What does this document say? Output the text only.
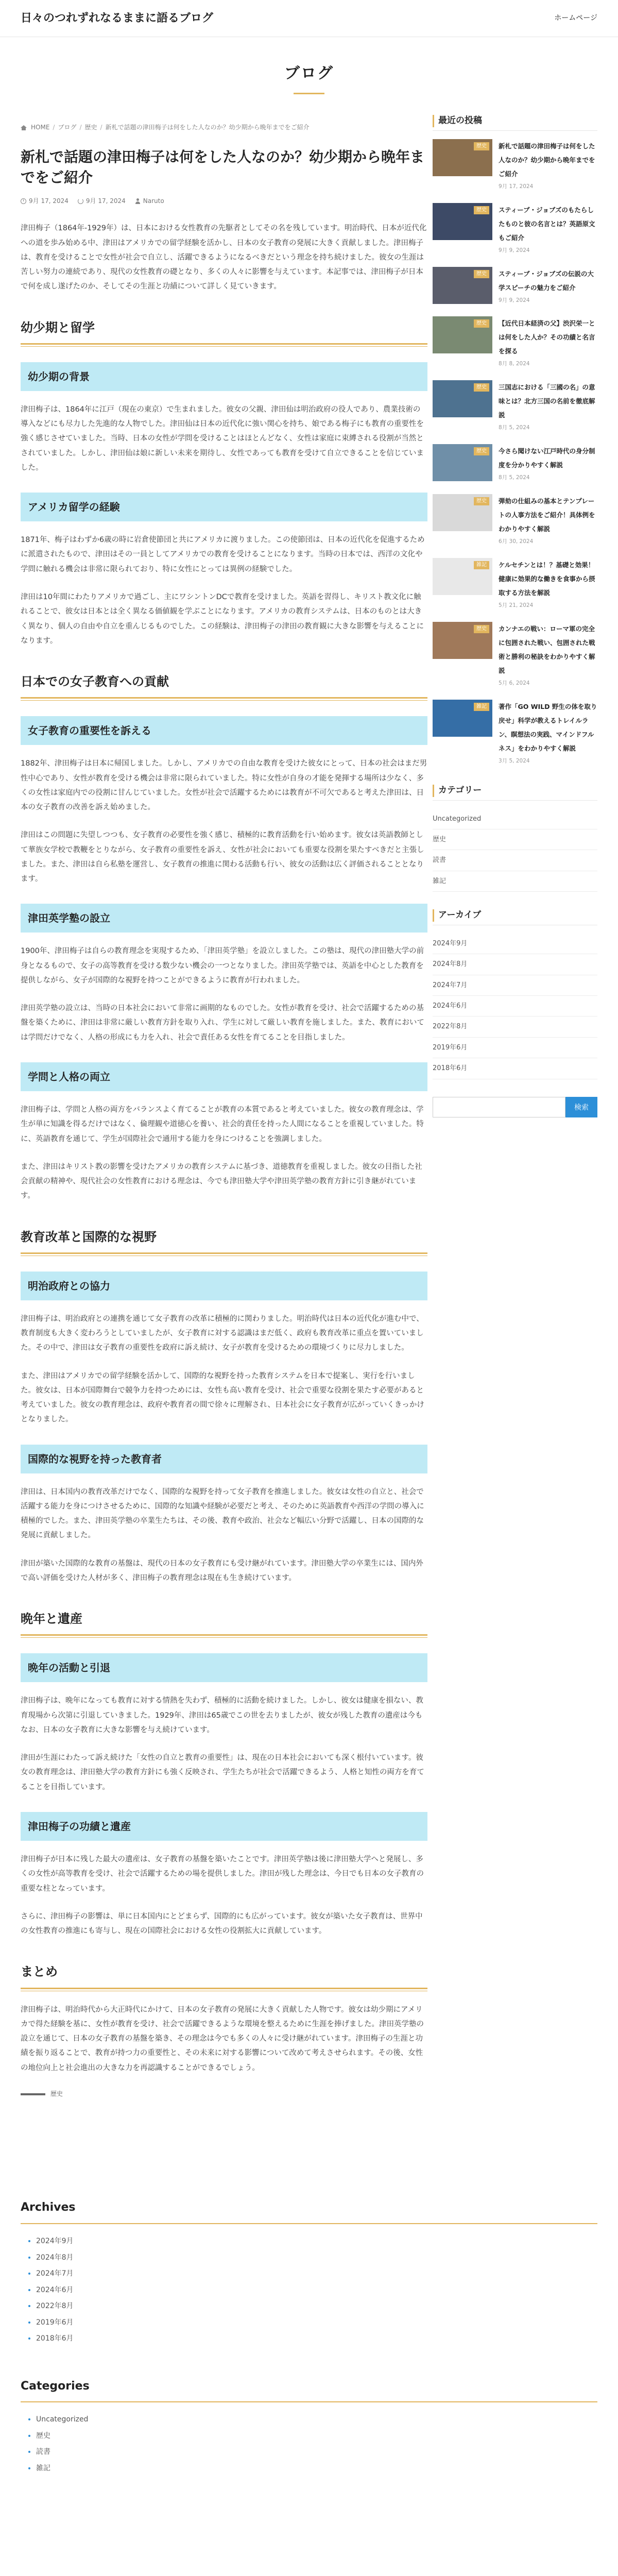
日々のつれずれなるままに語るブログ	ホームページ
ブログ
HOME / ブログ / 歴史 / 新札で話題の津田梅子は何をした人なのか？幼少期から晩年までをご紹介
新札で話題の津田梅子は何をした人なのか？幼少期から晩年までをご紹介
9月 17, 2024	9月 17, 2024	Naruto

津田梅子（1864年-1929年）は、日本における女性教育の先駆者としてその名を残しています。明治時代、日本が近代化への道を歩み始める中、津田はアメリカでの留学経験を活かし、日本の女子教育の発展に大きく貢献しました。津田梅子は、教育を受けることで女性が社会で自立し、活躍できるようになるべきだという理念を持ち続けました。彼女の生涯は苦しい努力の連続であり、現代の女性教育の礎となり、多くの人々に影響を与えています。本記事では、津田梅子が日本で何を成し遂げたのか、そしてその生涯と功績について詳しく見ていきます。

幼少期と留学
幼少期の背景

津田梅子は、1864年に江戸（現在の東京）で生まれました。彼女の父親、津田仙は明治政府の役人であり、農業技術の導入などにも尽力した先進的な人物でした。津田仙は日本の近代化に強い関心を持ち、娘である梅子にも教育の重要性を強く感じさせていました。当時、日本の女性が学問を受けることはほとんどなく、女性は家庭に束縛される役割が当然とされていました。しかし、津田仙は娘に新しい未来を期待し、女性であっても教育を受けて自立できることを信じていました。

アメリカ留学の経験

1871年、梅子はわずか6歳の時に岩倉使節団と共にアメリカに渡りました。この使節団は、日本の近代化を促進するために派遣されたもので、津田はその一員としてアメリカでの教育を受けることになります。当時の日本では、西洋の文化や学問に触れる機会は非常に限られており、特に女性にとっては異例の経験でした。

津田は10年間にわたりアメリカで過ごし、主にワシントンDCで教育を受けました。英語を習得し、キリスト教文化に触れることで、彼女は日本とは全く異なる価値観を学ぶことになります。アメリカの教育システムは、日本のものとは大きく異なり、個人の自由や自立を重んじるものでした。この経験は、津田梅子の津田の教育観に大きな影響を与えることになります。

日本での女子教育への貢献
女子教育の重要性を訴える

1882年、津田梅子は日本に帰国しました。しかし、アメリカでの自由な教育を受けた彼女にとって、日本の社会はまだ男性中心であり、女性が教育を受ける機会は非常に限られていました。特に女性が自身の才能を発揮する場所は少なく、多くの女性は家庭内での役割に甘んじていました。女性が社会で活躍するためには教育が不可欠であると考えた津田は、日本の女子教育の改善を訴え始めました。

津田はこの問題に失望しつつも、女子教育の必要性を強く感じ、積極的に教育活動を行い始めます。彼女は英語教師として華族女学校で教鞭をとりながら、女子教育の重要性を訴え、女性が社会においても重要な役割を果たすべきだと主張しました。また、津田は自ら私塾を運営し、女子教育の推進に関わる活動も行い、彼女の活動は広く評価されることとなります。

津田英学塾の設立

1900年、津田梅子は自らの教育理念を実現するため、「津田英学塾」を設立しました。この塾は、現代の津田塾大学の前身となるもので、女子の高等教育を受ける数少ない機会の一つとなりました。津田英学塾では、英語を中心とした教育を提供しながら、女子が国際的な視野を持つことができるように教育が行われました。

津田英学塾の設立は、当時の日本社会において非常に画期的なものでした。女性が教育を受け、社会で活躍するための基盤を築くために、津田は非常に厳しい教育方針を取り入れ、学生に対して厳しい教育を施しました。また、教育においては学問だけでなく、人格の形成にも力を入れ、社会で責任ある女性を育てることを目指しました。

学問と人格の両立

津田梅子は、学問と人格の両方をバランスよく育てることが教育の本質であると考えていました。彼女の教育理念は、学生が単に知識を得るだけではなく、倫理観や道徳心を養い、社会的責任を持った人間になることを重視していました。特に、英語教育を通じて、学生が国際社会で通用する能力を身につけることを強調しました。

また、津田はキリスト教の影響を受けたアメリカの教育システムに基づき、道徳教育を重視しました。彼女の目指した社会貢献の精神や、現代社会の女性教育における理念は、今でも津田塾大学や津田英学塾の教育方針に引き継がれています。

教育改革と国際的な視野
明治政府との協力

津田梅子は、明治政府との連携を通じて女子教育の改革に積極的に関わりました。明治時代は日本の近代化が進む中で、教育制度も大きく変わろうとしていましたが、女子教育に対する認識はまだ低く、政府も教育改革に重点を置いていました。その中で、津田は女子教育の重要性を政府に訴え続け、女子が教育を受けるための環境づくりに尽力しました。

また、津田はアメリカでの留学経験を活かして、国際的な視野を持った教育システムを日本で提案し、実行を行いました。彼女は、日本が国際舞台で競争力を持つためには、女性も高い教育を受け、社会で重要な役割を果たす必要があると考えていました。彼女の教育理念は、政府や教育者の間で徐々に理解され、日本社会に女子教育が広がっていくきっかけとなりました。

国際的な視野を持った教育者

津田は、日本国内の教育改革だけでなく、国際的な視野を持って女子教育を推進しました。彼女は女性の自立と、社会で活躍する能力を身につけさせるために、国際的な知識や経験が必要だと考え、そのために英語教育や西洋の学問の導入に積極的でした。また、津田英学塾の卒業生たちは、その後、教育や政治、社会など幅広い分野で活躍し、日本の国際的な発展に貢献しました。

津田が築いた国際的な教育の基盤は、現代の日本の女子教育にも受け継がれています。津田塾大学の卒業生には、国内外で高い評価を受けた人材が多く、津田梅子の教育理念は現在も生き続けています。

晩年と遺産
晩年の活動と引退

津田梅子は、晩年になっても教育に対する情熱を失わず、積極的に活動を続けました。しかし、彼女は健康を損ない、教育現場から次第に引退していきました。1929年、津田は65歳でこの世を去りましたが、彼女が残した教育の遺産は今もなお、日本の女子教育に大きな影響を与え続けています。

津田が生涯にわたって訴え続けた「女性の自立と教育の重要性」は、現在の日本社会においても深く根付いています。彼女の教育理念は、津田塾大学の教育方針にも強く反映され、学生たちが社会で活躍できるよう、人格と知性の両方を育てることを目指しています。

津田梅子の功績と遺産

津田梅子が日本に残した最大の遺産は、女子教育の基盤を築いたことです。津田英学塾は後に津田塾大学へと発展し、多くの女性が高等教育を受け、社会で活躍するための場を提供しました。津田が残した理念は、今日でも日本の女子教育の重要な柱となっています。

さらに、津田梅子の影響は、単に日本国内にとどまらず、国際的にも広がっています。彼女が築いた女子教育は、世界中の女性教育の推進にも寄与し、現在の国際社会における女性の役割拡大に貢献しています。

まとめ

津田梅子は、明治時代から大正時代にかけて、日本の女子教育の発展に大きく貢献した人物です。彼女は幼少期にアメリカで得た経験を基に、女性が教育を受け、社会で活躍できるような環境を整えるために生涯を捧げました。津田英学塾の設立を通じて、日本の女子教育の基盤を築き、その理念は今でも多くの人々に受け継がれています。津田梅子の生涯と功績を振り返ることで、教育が持つ力の重要性と、その未来に対する影響について改めて考えさせられます。その後、女性の地位向上と社会進出の大きな力を再認識することができるでしょう。

歴史
最近の投稿
歴史	新札で話題の津田梅子は何をした人なのか？幼少期から晩年までをご紹介
9月 17, 2024
歴史	スティーブ・ジョブズのもたらしたものと彼の名言とは？英語原文もご紹介
9月 9, 2024
歴史	スティーブ・ジョブズの伝説の大学スピーチの魅力をご紹介
9月 9, 2024
歴史	【近代日本経済の父】渋沢栄一とは何をした人か？その功績と名言を探る
8月 8, 2024
歴史	三国志における「三國の名」の意味とは？北方三国の名前を徹底解説
8月 5, 2024
歴史	今さら聞けない江戸時代の身分制度を分かりやすく解説
8月 5, 2024
歴史	弾劾の仕組みの基本とテンプレートの人事方法をご紹介！具体例をわかりやすく解説
6月 30, 2024
雑記	ケルセチンとは！？基礎と効果！健康に効果的な働きを食事から摂取する方法を解説
5月 21, 2024
歴史	カンナエの戦い：ローマ軍の完全に包囲された戦い、包囲された戦術と勝利の秘訣をわかりやすく解説
5月 6, 2024
雑記	著作「GO WILD 野生の体を取り戻せ」科学が教えるトレイルラン、瞑想法の実践、マインドフルネス」をわかりやすく解説
3月 5, 2024
カテゴリー
Uncategorized
歴史
読書
雑記
アーカイブ
2024年9月
2024年8月
2024年7月
2024年6月
2022年8月
2019年6月
2018年6月
検索
Archives
• 2024年9月
• 2024年8月
• 2024年7月
• 2024年6月
• 2022年8月
• 2019年6月
• 2018年6月
Categories
• Uncategorized
• 歴史
• 読書
• 雑記
